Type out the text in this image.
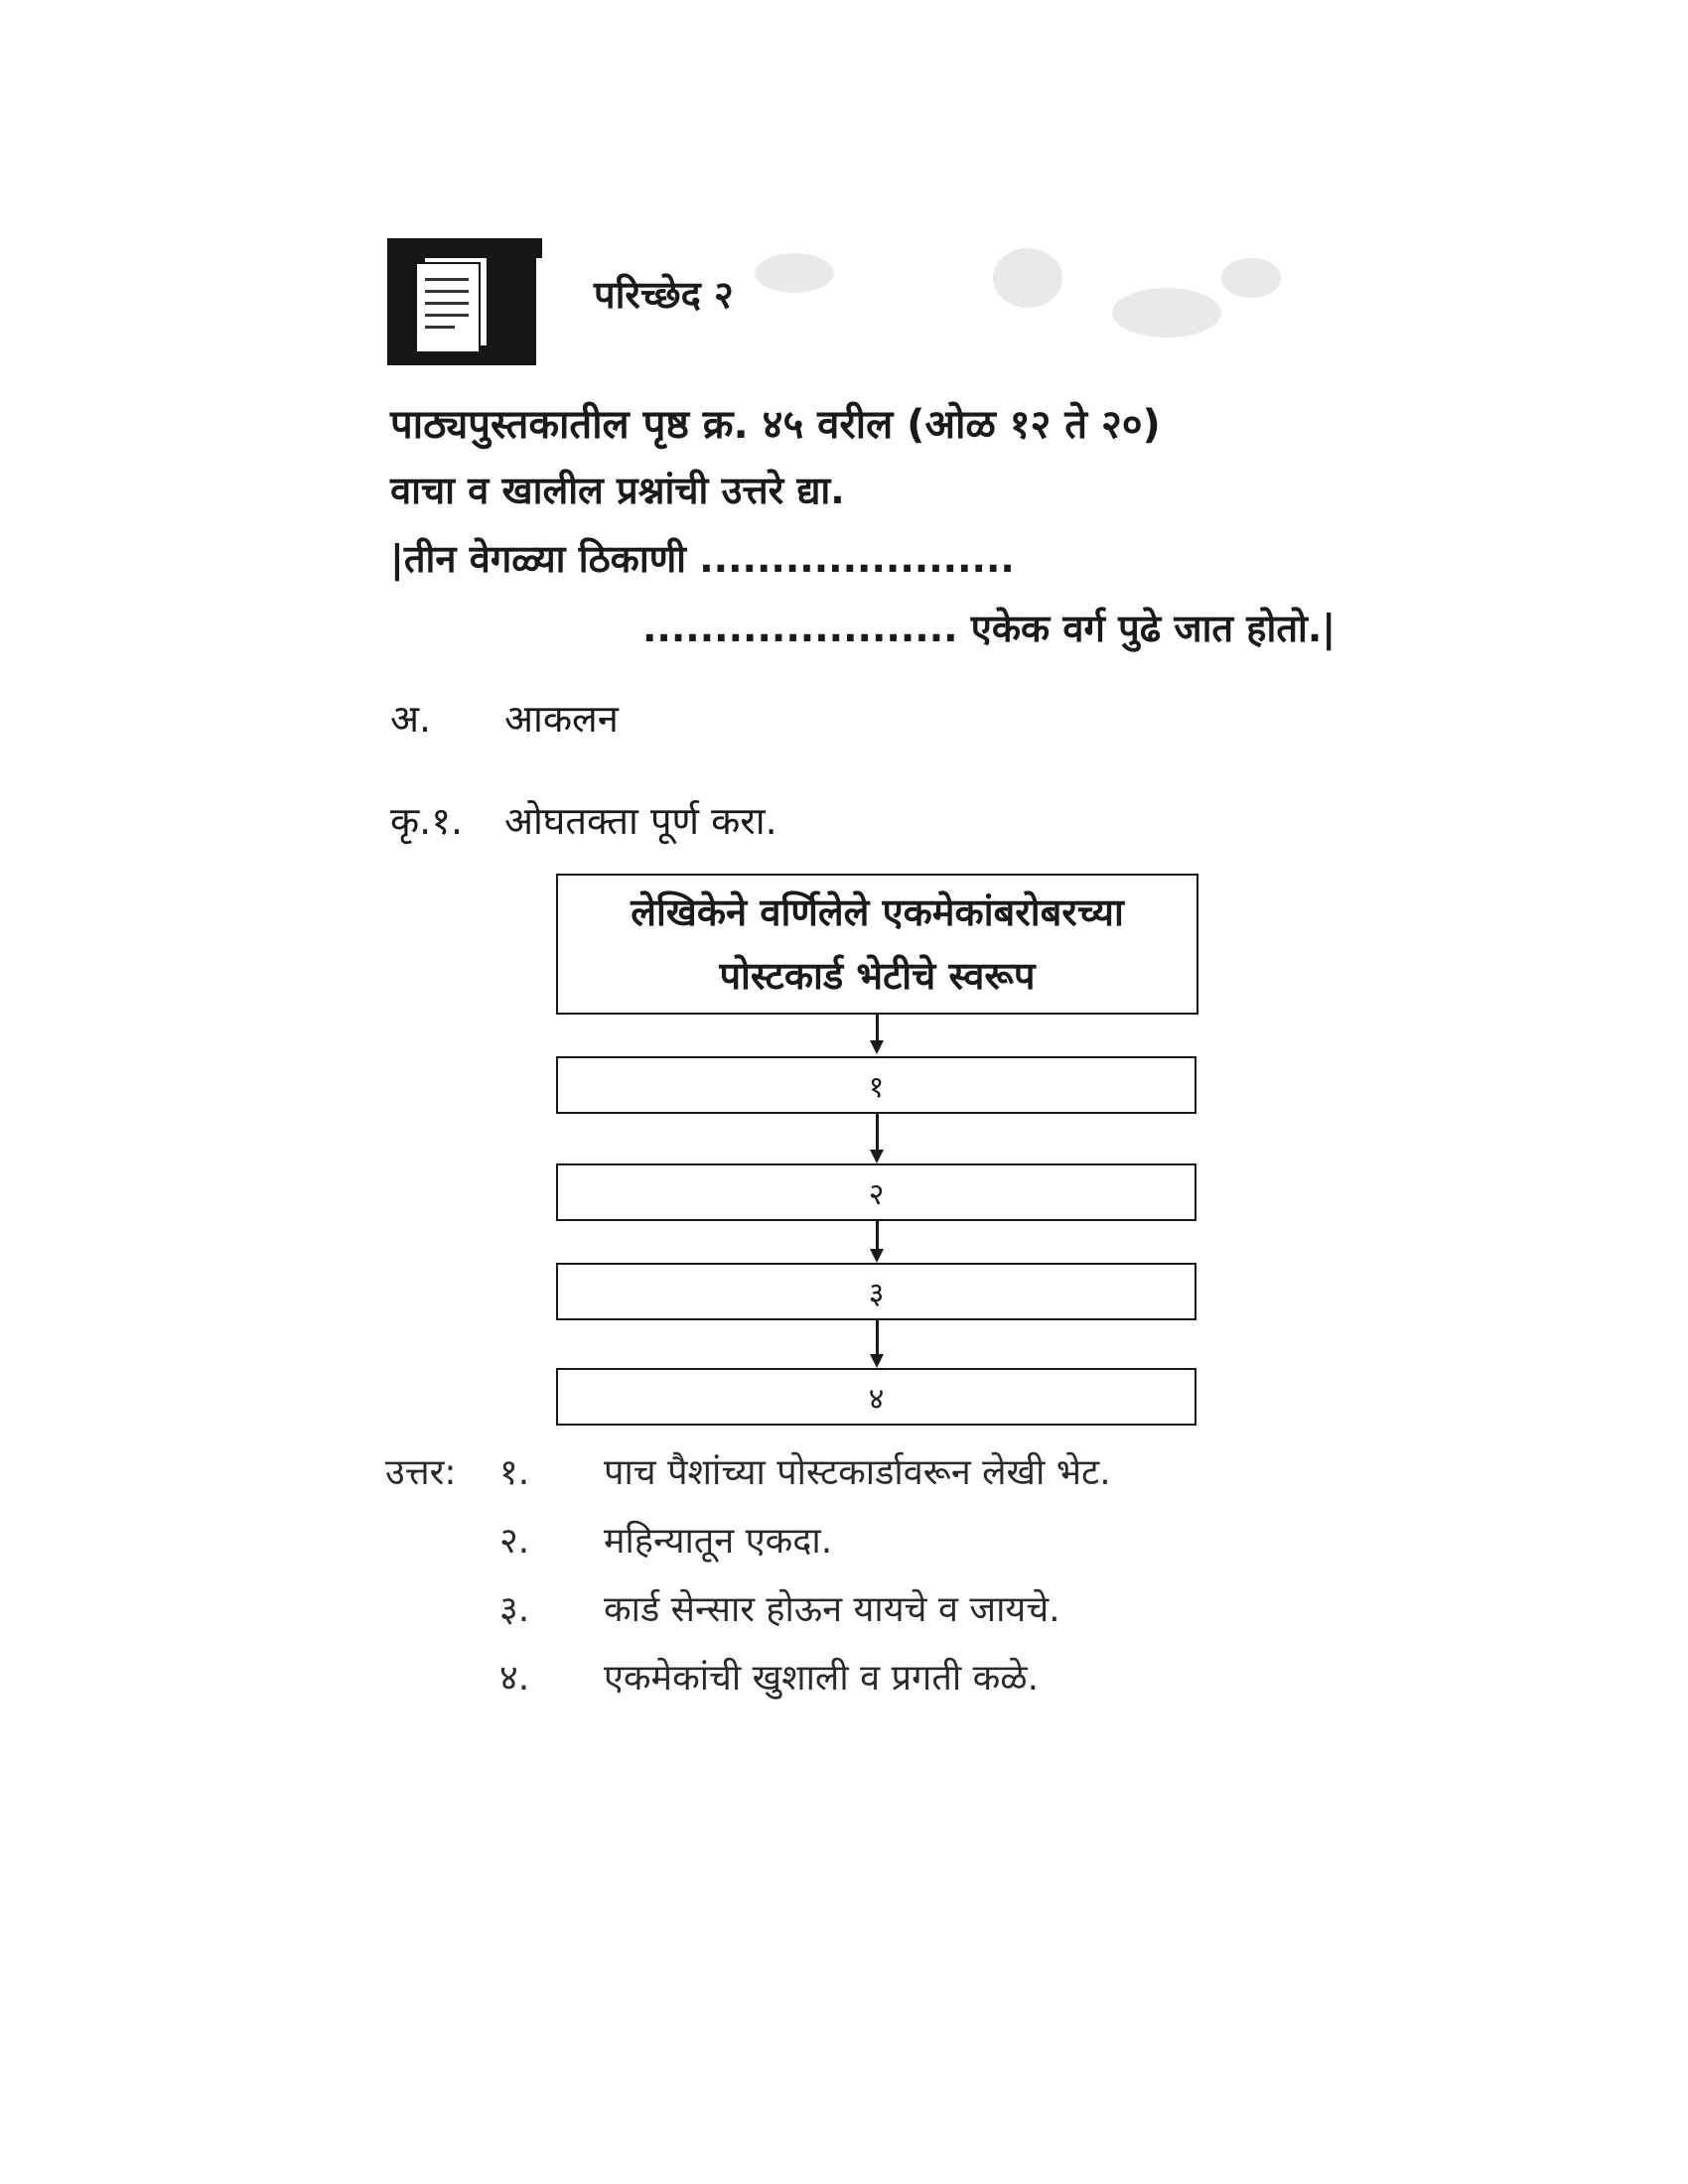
परिच्छेद २
पाठ्यपुस्तकातील पृष्ठ क्र. ४५ वरील (ओळ १२ ते २०)
वाचा व खालील प्रश्नांची उत्तरे द्या.
|तीन वेगळ्या ठिकाणी ......................
...................... एकेक वर्ग पुढे जात होतो.|
अ. आकलन
कृ.१. ओघतक्ता पूर्ण करा.
लेखिकेने वर्णिलेले एकमेकांबरोबरच्या
पोस्टकार्ड भेटीचे स्वरूप
१
२
३
४
उत्तर: १. पाच पैशांच्या पोस्टकार्डावरून लेखी भेट.
२. महिन्यातून एकदा.
३. कार्ड सेन्सार होऊन यायचे व जायचे.
४. एकमेकांची खुशाली व प्रगती कळे.
